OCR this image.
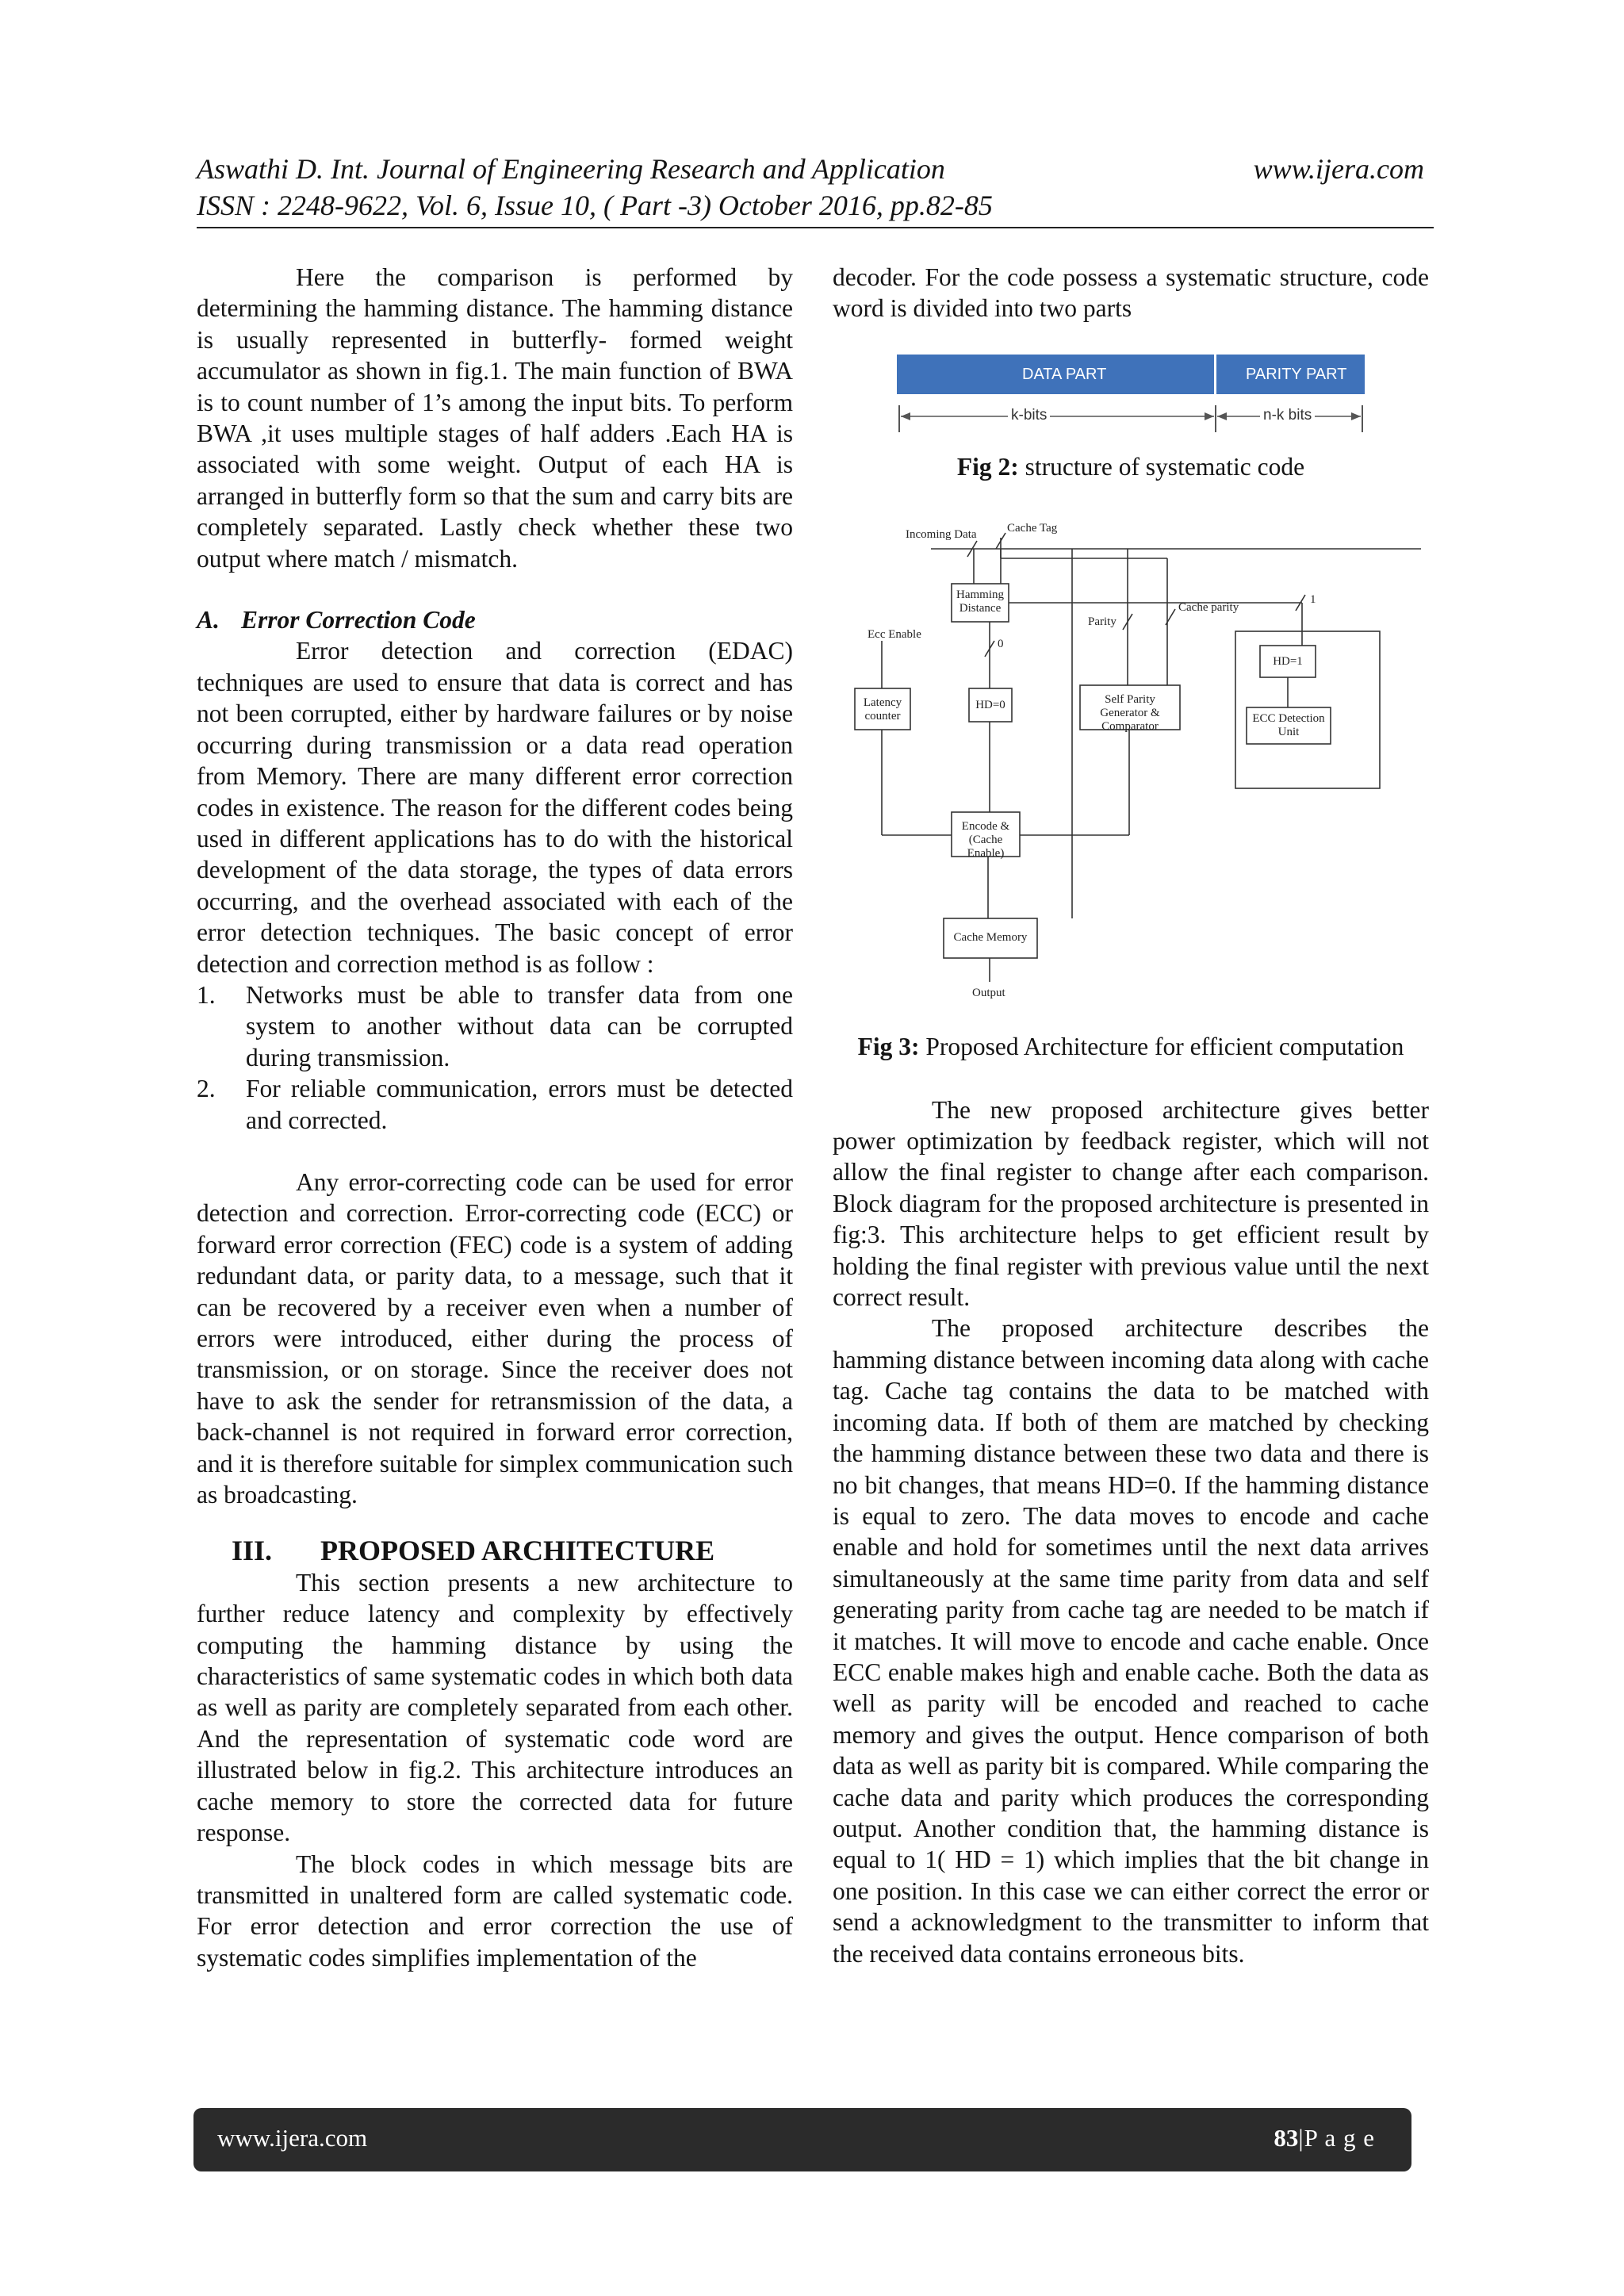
Aswathi D. Int. Journal of Engineering Research and Application	www.ijera.com
ISSN : 2248-9622, Vol. 6, Issue 10, ( Part -3) October 2016, pp.82-85

Here the comparison is performed by determining the hamming distance. The hamming distance is usually represented in butterfly- formed weight accumulator as shown in fig.1. The main function of BWA is to count number of 1’s among the input bits. To perform BWA ,it uses multiple stages of half adders .Each HA is associated with some weight. Output of each HA is arranged in butterfly form so that the sum and carry bits are completely separated. Lastly check whether these two output where match / mismatch.

A. Error Correction Code

Error detection and correction (EDAC) techniques are used to ensure that data is correct and has not been corrupted, either by hardware failures or by noise occurring during transmission or a data read operation from Memory. There are many different error correction codes in existence. The reason for the different codes being used in different applications has to do with the historical development of the data storage, the types of data errors occurring, and the overhead associated with each of the error detection techniques. The basic concept of error detection and correction method is as follow :

1. Networks must be able to transfer data from one system to another without data can be corrupted during transmission.
2. For reliable communication, errors must be detected and corrected.

Any error-correcting code can be used for error detection and correction. Error-correcting code (ECC) or forward error correction (FEC) code is a system of adding redundant data, or parity data, to a message, such that it can be recovered by a receiver even when a number of errors were introduced, either during the process of transmission, or on storage. Since the receiver does not have to ask the sender for retransmission of the data, a back-channel is not required in forward error correction, and it is therefore suitable for simplex communication such as broadcasting.

III. PROPOSED ARCHITECTURE

This section presents a new architecture to further reduce latency and complexity by effectively computing the hamming distance by using the characteristics of same systematic codes in which both data as well as parity are completely separated from each other. And the representation of systematic code word are illustrated below in fig.2. This architecture introduces an cache memory to store the corrected data for future response.

The block codes in which message bits are transmitted in unaltered form are called systematic code. For error detection and error correction the use of systematic codes simplifies implementation of the

decoder. For the code possess a systematic structure, code word is divided into two parts

DATA PART	PARITY PART
k-bits	n-k bits

Fig 2: structure of systematic code

Incoming Data	Cache Tag
Hamming Distance
Ecc Enable
0
1
Parity
Cache parity
Latency counter
HD=0	Self Parity Generator & Comparator
HD=1
ECC Detection Unit
Encode & (Cache Enable)
Cache Memory
Output

Fig 3: Proposed Architecture for efficient computation

The new proposed architecture gives better power optimization by feedback register, which will not allow the final register to change after each comparison. Block diagram for the proposed architecture is presented in fig:3. This architecture helps to get efficient result by holding the final register with previous value until the next correct result.

The proposed architecture describes the hamming distance between incoming data along with cache tag. Cache tag contains the data to be matched with incoming data. If both of them are matched by checking the hamming distance between these two data and there is no bit changes, that means HD=0. If the hamming distance is equal to zero. The data moves to encode and cache enable and hold for sometimes until the next data arrives simultaneously at the same time parity from data and self generating parity from cache tag are needed to be match if it matches. It will move to encode and cache enable. Once ECC enable makes high and enable cache. Both the data as well as parity will be encoded and reached to cache memory and gives the output. Hence comparison of both data as well as parity bit is compared. While comparing the cache data and parity which produces the corresponding output. Another condition that, the hamming distance is equal to 1( HD = 1) which implies that the bit change in one position. In this case we can either correct the error or send a acknowledgment to the transmitter to inform that the received data contains erroneous bits.

www.ijera.com	83|P a g e
